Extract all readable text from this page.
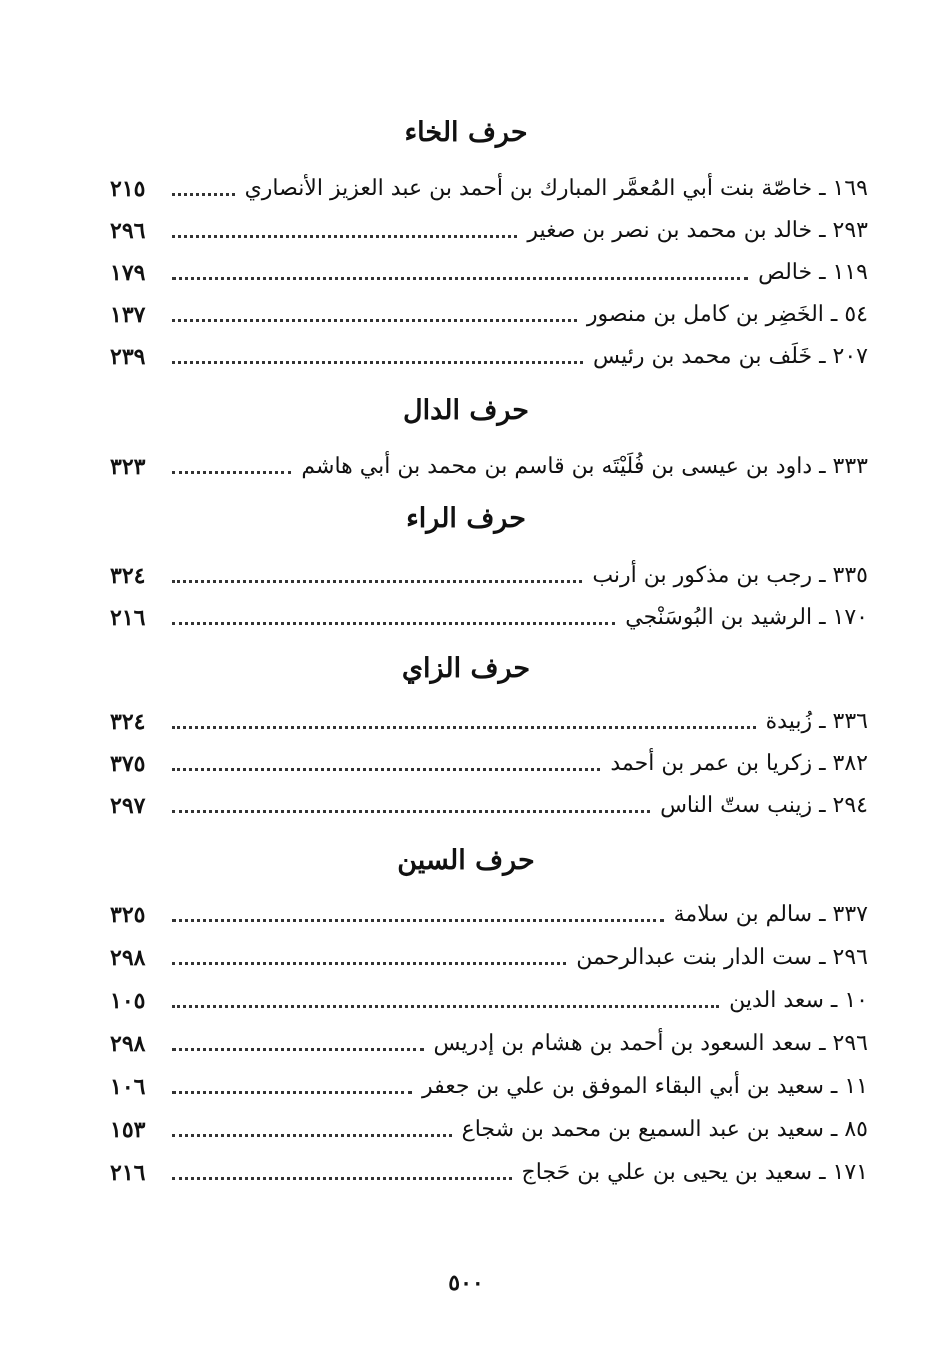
حرف الخاء
٢١٥	١٦٩ ـ خاصّة بنت أبي المُعمَّر المبارك بن أحمد بن عبد العزيز الأنصاري
٢٩٦	٢٩٣ ـ خالد بن محمد بن نصر بن صغير
١٧٩	١١٩ ـ خالص
١٣٧	٥٤ ـ الخَضِر بن كامل بن منصور
٢٣٩	٢٠٧ ـ خَلَف بن محمد بن رئيس
حرف الدال
٣٢٣	٣٣٣ ـ داود بن عيسى بن فُلَيْتَه بن قاسم بن محمد بن أبي هاشم
حرف الراء
٣٢٤	٣٣٥ ـ رجب بن مذكور بن أرنب
٢١٦	١٧٠ ـ الرشيد بن البُوسَنْجي
حرف الزاي
٣٢٤	٣٣٦ ـ زُبيدة
٣٧٥	٣٨٢ ـ زكريا بن عمر بن أحمد
٢٩٧	٢٩٤ ـ زينب ستّ الناس
حرف السين
٣٢٥	٣٣٧ ـ سالم بن سلامة
٢٩٨	٢٩٦ ـ ست الدار بنت عبدالرحمن
١٠٥	١٠ ـ سعد الدين
٢٩٨	٢٩٦ ـ سعد السعود بن أحمد بن هشام بن إدريس
١٠٦	١١ ـ سعيد بن أبي البقاء الموفق بن علي بن جعفر
١٥٣	٨٥ ـ سعيد بن عبد السميع بن محمد بن شجاع
٢١٦	١٧١ ـ سعيد بن يحيى بن علي بن حَجاج
٥٠٠
